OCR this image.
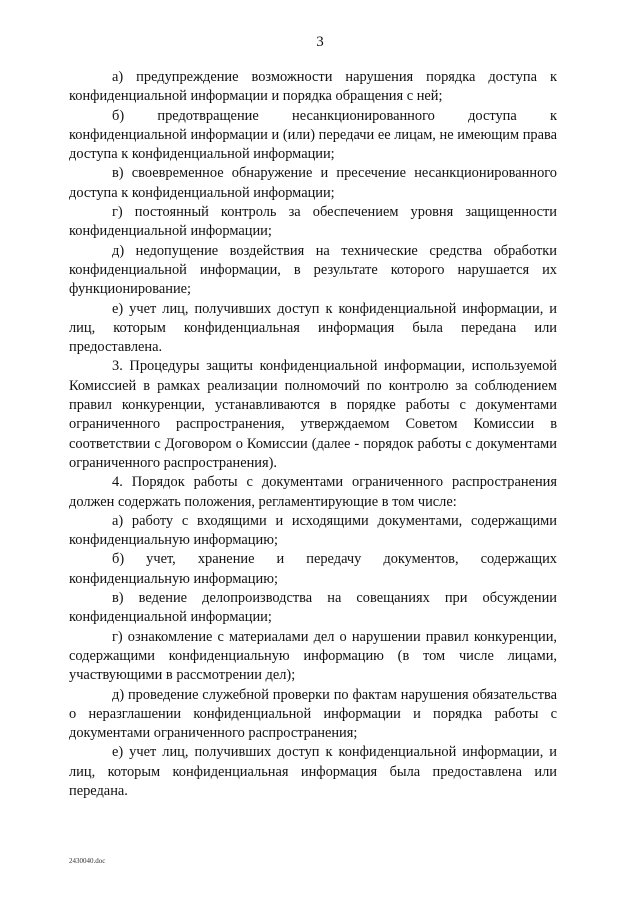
3

а) предупреждение возможности нарушения порядка доступа к конфиденциальной информации и порядка обращения с ней;

б) предотвращение несанкционированного доступа к конфиденциальной информации и (или) передачи ее лицам, не имеющим права доступа к конфиденциальной информации;

в) своевременное обнаружение и пресечение несанкционированного доступа к конфиденциальной информации;

г) постоянный контроль за обеспечением уровня защищенности конфиденциальной информации;

д) недопущение воздействия на технические средства обработки конфиденциальной информации, в результате которого нарушается их функционирование;

е) учет лиц, получивших доступ к конфиденциальной информации, и лиц, которым конфиденциальная информация была передана или предоставлена.

3. Процедуры защиты конфиденциальной информации, используемой Комиссией в рамках реализации полномочий по контролю за соблюдением правил конкуренции, устанавливаются в порядке работы с документами ограниченного распространения, утверждаемом Советом Комиссии в соответствии с Договором о Комиссии (далее - порядок работы с документами ограниченного распространения).

4. Порядок работы с документами ограниченного распространения должен содержать положения, регламентирующие в том числе:

а) работу с входящими и исходящими документами, содержащими конфиденциальную информацию;

б) учет, хранение и передачу документов, содержащих конфиденциальную информацию;

в) ведение делопроизводства на совещаниях при обсуждении конфиденциальной информации;

г) ознакомление с материалами дел о нарушении правил конкуренции, содержащими конфиденциальную информацию (в том числе лицами, участвующими в рассмотрении дел);

д) проведение служебной проверки по фактам нарушения обязательства о неразглашении конфиденциальной информации и порядка работы с документами ограниченного распространения;

е) учет лиц, получивших доступ к конфиденциальной информации, и лиц, которым конфиденциальная информация была предоставлена или передана.

2430040.doc
